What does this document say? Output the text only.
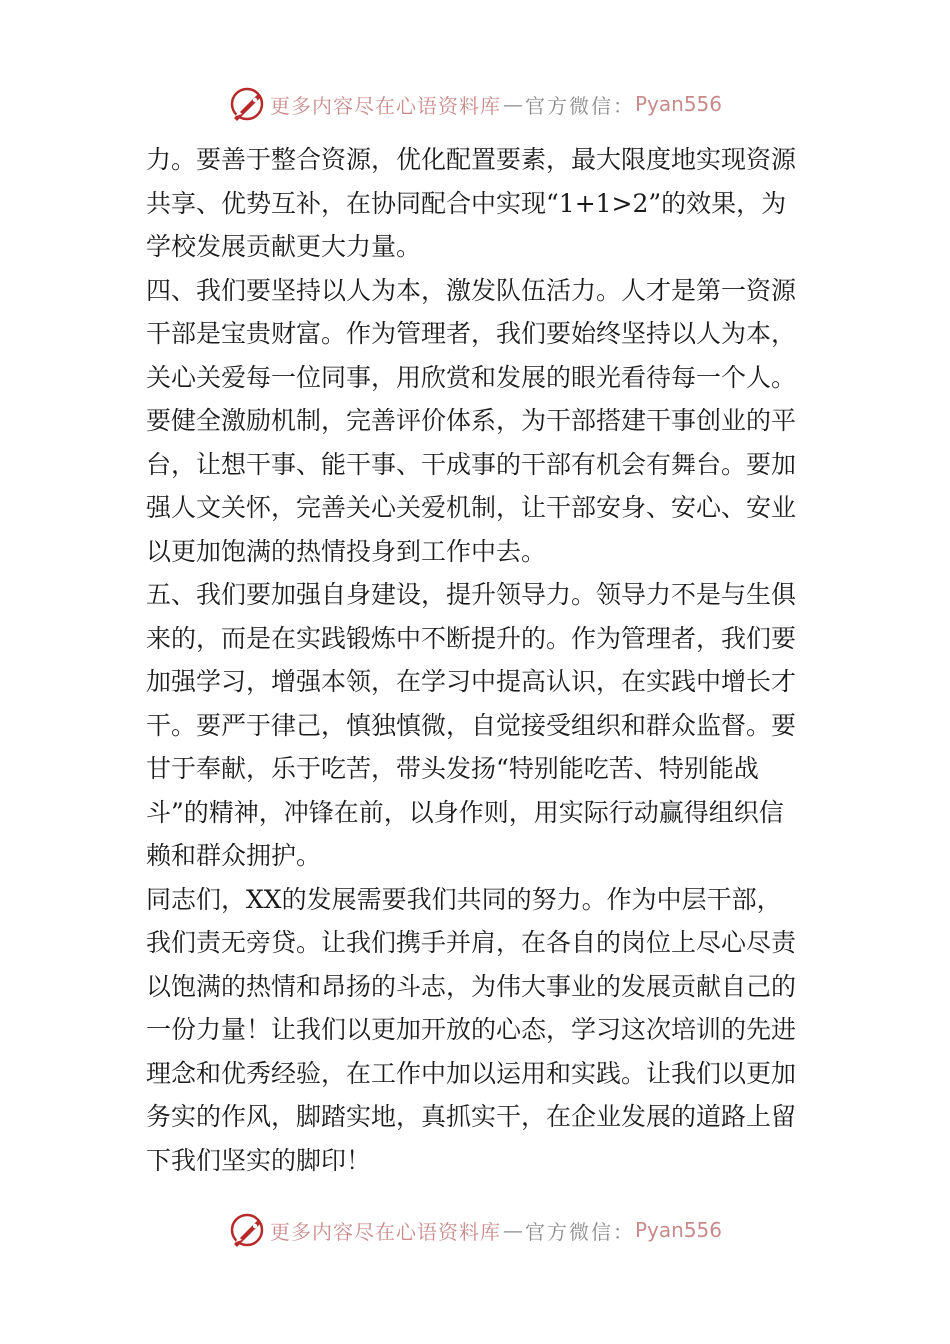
更多内容尽在心语资料库 — 官方微信： Pyan556
力。要善于整合资源，优化配置要素，最大限度地实现资源
共享、优势互补，在协同配合中实现“1+1>2”的效果，为
学校发展贡献更大力量。
四、我们要坚持以人为本，激发队伍活力。人才是第一资源
干部是宝贵财富。作为管理者，我们要始终坚持以人为本，
关心关爱每一位同事，用欣赏和发展的眼光看待每一个人。
要健全激励机制，完善评价体系，为干部搭建干事创业的平
台，让想干事、能干事、干成事的干部有机会有舞台。要加
强人文关怀，完善关心关爱机制，让干部安身、安心、安业
以更加饱满的热情投身到工作中去。
五、我们要加强自身建设，提升领导力。领导力不是与生俱
来的，而是在实践锻炼中不断提升的。作为管理者，我们要
加强学习，增强本领，在学习中提高认识，在实践中增长才
干。要严于律己，慎独慎微，自觉接受组织和群众监督。要
甘于奉献，乐于吃苦，带头发扬“特别能吃苦、特别能战
斗”的精神，冲锋在前，以身作则，用实际行动赢得组织信
赖和群众拥护。
同志们，XX的发展需要我们共同的努力。作为中层干部，
我们责无旁贷。让我们携手并肩，在各自的岗位上尽心尽责
以饱满的热情和昂扬的斗志，为伟大事业的发展贡献自己的
一份力量！让我们以更加开放的心态，学习这次培训的先进
理念和优秀经验，在工作中加以运用和实践。让我们以更加
务实的作风，脚踏实地，真抓实干，在企业发展的道路上留
下我们坚实的脚印！
更多内容尽在心语资料库 — 官方微信： Pyan556
